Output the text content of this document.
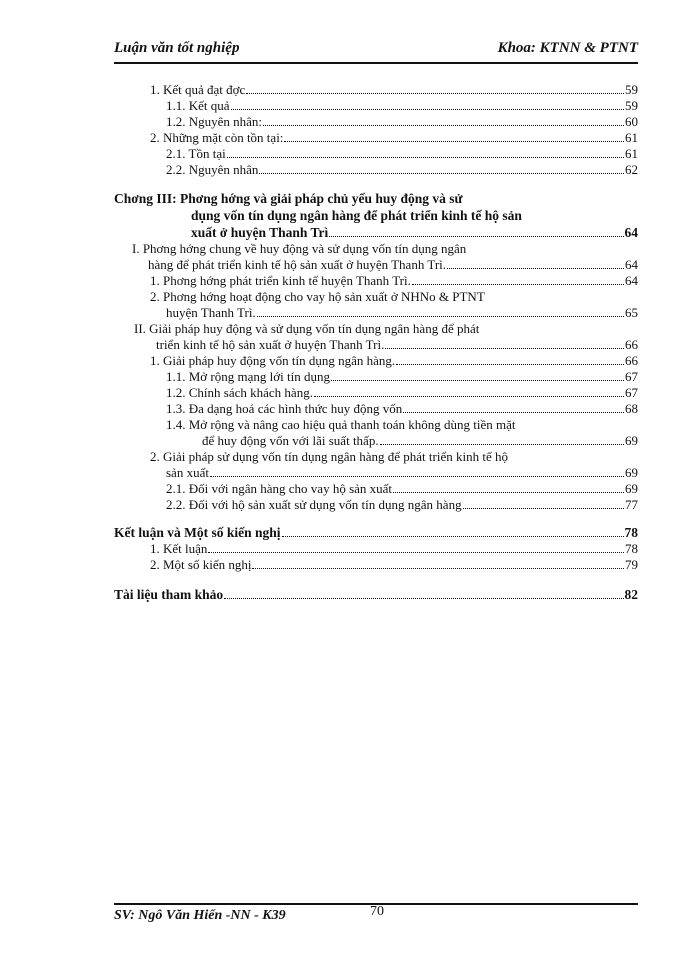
Luận văn tốt nghiệp	Khoa: KTNN & PTNT
1. Kết quả đạt đợc	59
1.1. Kết quả	59
1.2. Nguyên nhân:	60
2. Những mặt còn tồn tại:	61
2.1. Tồn tại	61
2.2. Nguyên nhân	62
Chơng III: Phơng hớng và giải pháp chủ yếu huy động và sử
dụng vốn tín dụng ngân hàng để phát triển kinh tế hộ sản
xuất ở huyện Thanh Trì	64
I. Phơng hớng chung về huy động và sử dụng vốn tín dụng ngân
hàng để phát triển kinh tế hộ sản xuất ở huyện Thanh Trì.	64
1. Phơng hớng phát triển kinh tế huyện Thanh Trì.	64
2. Phơng hớng hoạt động cho vay hộ sản xuất ở NHNo & PTNT
huyện Thanh Trì.	65
II. Giải pháp huy động và sử dụng vốn tín dụng ngân hàng để phát
triển kinh tế hộ sản xuất ở huyện Thanh Trì.	66
1. Giải pháp huy động vốn tín dụng ngân hàng.	66
1.1. Mở rộng mạng lới tín dụng	67
1.2. Chính sách khách hàng.	67
1.3. Đa dạng hoá các hình thức huy động vốn	68
1.4. Mở rộng và nâng cao hiệu quả thanh toán không dùng tiền mặt
để huy động vốn với lãi suất thấp.	69
2. Giải pháp sử dụng vốn tín dụng ngân hàng để phát triển kinh tế hộ
sản xuất	69
2.1. Đối với ngân hàng cho vay hộ sản xuất	69
2.2. Đối với hộ sản xuất sử dụng vốn tín dụng ngân hàng	77
Kết luận và Một số kiến nghị	78
1. Kết luận	78
2. Một số kiến nghị	79
Tài liệu tham khảo	82
SV: Ngô Văn Hiển -NN - K39	70
